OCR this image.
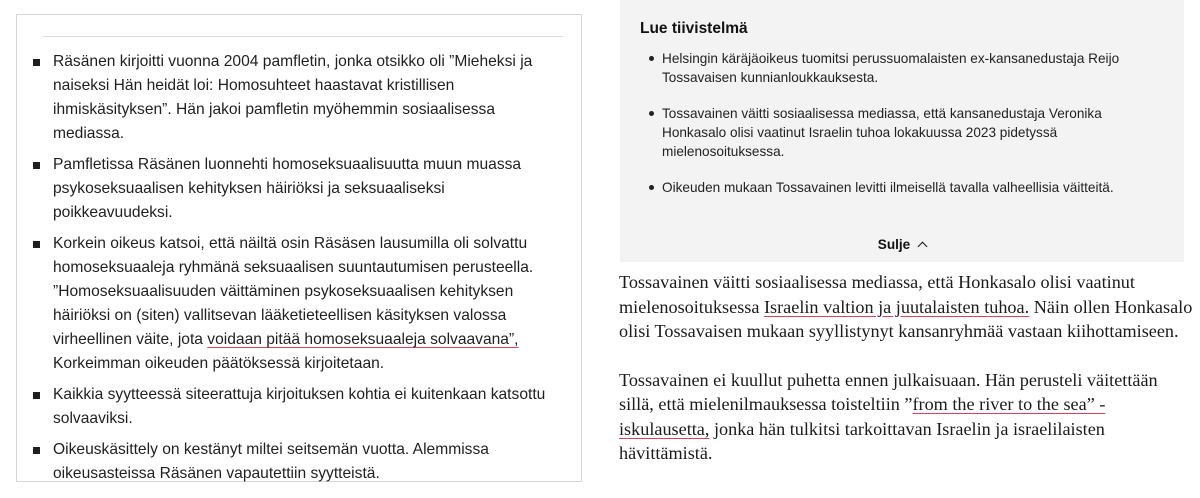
Räsänen kirjoitti vuonna 2004 pamfletin, jonka otsikko oli ”Mieheksi ja naiseksi Hän heidät loi: Homosuhteet haastavat kristillisen ihmiskäsityksen”. Hän jakoi pamfletin myöhemmin sosiaalisessa mediassa.
Pamfletissa Räsänen luonnehti homoseksuaalisuutta muun muassa psykoseksuaalisen kehityksen häiriöksi ja seksuaaliseksi poikkeavuudeksi.
Korkein oikeus katsoi, että näiltä osin Räsäsen lausumilla oli solvattu homoseksuaaleja ryhmänä seksuaalisen suuntautumisen perusteella. ”Homoseksuaalisuuden väittäminen psykoseksuaalisen kehityksen häiriöksi on (siten) vallitsevan lääketieteellisen käsityksen valossa virheellinen väite, jota voidaan pitää homoseksuaaleja solvaavana”, Korkeimman oikeuden päätöksessä kirjoitetaan.
Kaikkia syytteessä siteerattuja kirjoituksen kohtia ei kuitenkaan katsottu solvaaviksi.
Oikeuskäsittely on kestänyt miltei seitsemän vuotta. Alemmissa oikeusasteissa Räsänen vapautettiin syytteistä.
Lue tiivistelmä
Helsingin käräjäoikeus tuomitsi perussuomalaisten ex-kansanedustaja Reijo Tossavaisen kunnianloukkauksesta.
Tossavainen väitti sosiaalisessa mediassa, että kansanedustaja Veronika Honkasalo olisi vaatinut Israelin tuhoa lokakuussa 2023 pidetyssä mielenosoituksessa.
Oikeuden mukaan Tossavainen levitti ilmeisellä tavalla valheellisia väitteitä.
Sulje

Tossavainen väitti sosiaalisessa mediassa, että Honkasalo olisi vaatinut mielenosoituksessa Israelin valtion ja juutalaisten tuhoa. Näin ollen Honkasalo olisi Tossavaisen mukaan syyllistynyt kansanryhmää vastaan kiihottamiseen.

Tossavainen ei kuullut puhetta ennen julkaisuaan. Hän perusteli väitettään sillä, että mielenilmauksessa toisteltiin ”from the river to the sea” -iskulausetta, jonka hän tulkitsi tarkoittavan Israelin ja israelilaisten hävittämistä.
